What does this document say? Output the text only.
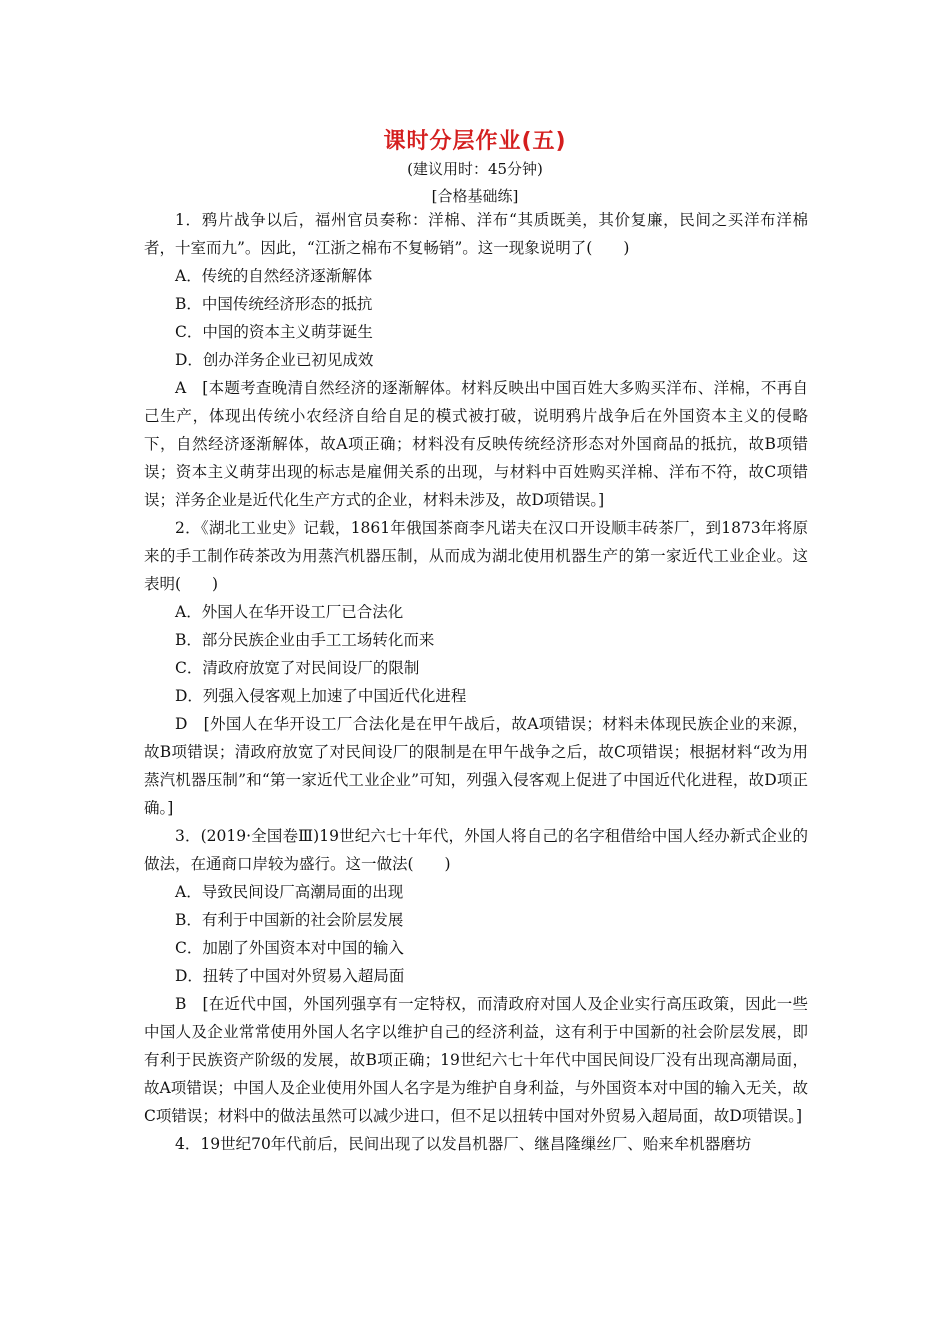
课时分层作业(五)
(建议用时：45分钟)
[合格基础练]

1．鸦片战争以后，福州官员奏称：洋棉、洋布“其质既美，其价复廉，民间之买洋布洋棉者，十室而九”。因此，“江浙之棉布不复畅销”。这一现象说明了(　　)

A．传统的自然经济逐渐解体

B．中国传统经济形态的抵抗

C．中国的资本主义萌芽诞生

D．创办洋务企业已初见成效

A　[本题考查晚清自然经济的逐渐解体。材料反映出中国百姓大多购买洋布、洋棉，不再自己生产，体现出传统小农经济自给自足的模式被打破，说明鸦片战争后在外国资本主义的侵略下，自然经济逐渐解体，故A项正确；材料没有反映传统经济形态对外国商品的抵抗，故B项错误；资本主义萌芽出现的标志是雇佣关系的出现，与材料中百姓购买洋棉、洋布不符，故C项错误；洋务企业是近代化生产方式的企业，材料未涉及，故D项错误。]

2．《湖北工业史》记载，1861年俄国茶商李凡诺夫在汉口开设顺丰砖茶厂，到1873年将原来的手工制作砖茶改为用蒸汽机器压制，从而成为湖北使用机器生产的第一家近代工业企业。这表明(　　)

A．外国人在华开设工厂已合法化

B．部分民族企业由手工工场转化而来

C．清政府放宽了对民间设厂的限制

D．列强入侵客观上加速了中国近代化进程

D　[外国人在华开设工厂合法化是在甲午战后，故A项错误；材料未体现民族企业的来源，故B项错误；清政府放宽了对民间设厂的限制是在甲午战争之后，故C项错误；根据材料“改为用蒸汽机器压制”和“第一家近代工业企业”可知，列强入侵客观上促进了中国近代化进程，故D项正确。]

3．(2019·全国卷Ⅲ)19世纪六七十年代，外国人将自己的名字租借给中国人经办新式企业的做法，在通商口岸较为盛行。这一做法(　　)

A．导致民间设厂高潮局面的出现

B．有利于中国新的社会阶层发展

C．加剧了外国资本对中国的输入

D．扭转了中国对外贸易入超局面

B　[在近代中国，外国列强享有一定特权，而清政府对国人及企业实行高压政策，因此一些中国人及企业常常使用外国人名字以维护自己的经济利益，这有利于中国新的社会阶层发展，即有利于民族资产阶级的发展，故B项正确；19世纪六七十年代中国民间设厂没有出现高潮局面，故A项错误；中国人及企业使用外国人名字是为维护自身利益，与外国资本对中国的输入无关，故C项错误；材料中的做法虽然可以减少进口，但不足以扭转中国对外贸易入超局面，故D项错误。]

4．19世纪70年代前后，民间出现了以发昌机器厂、继昌隆缫丝厂、贻来牟机器磨坊
